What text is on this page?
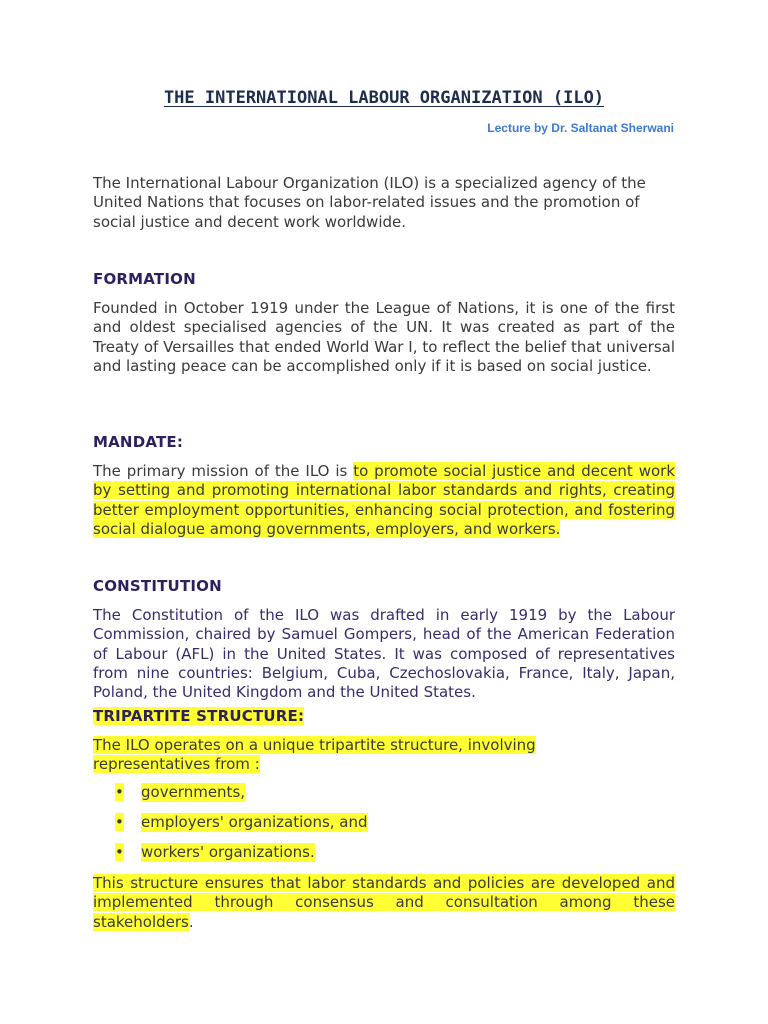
THE INTERNATIONAL LABOUR ORGANIZATION (ILO)

Lecture by Dr. Saltanat Sherwani

The International Labour Organization (ILO) is a specialized agency of the United Nations that focuses on labor-related issues and the promotion of social justice and decent work worldwide.

FORMATION

Founded in October 1919 under the League of Nations, it is one of the first and oldest specialised agencies of the UN. It was created as part of the Treaty of Versailles that ended World War I, to reflect the belief that universal and lasting peace can be accomplished only if it is based on social justice.

MANDATE:

The primary mission of the ILO is to promote social justice and decent work by setting and promoting international labor standards and rights, creating better employment opportunities, enhancing social protection, and fostering social dialogue among governments, employers, and workers.

CONSTITUTION

The Constitution of the ILO was drafted in early 1919 by the Labour Commission, chaired by Samuel Gompers, head of the American Federation of Labour (AFL) in the United States. It was composed of representatives from nine countries: Belgium, Cuba, Czechoslovakia, France, Italy, Japan, Poland, the United Kingdom and the United States.

TRIPARTITE STRUCTURE:

The ILO operates on a unique tripartite structure, involving representatives from :

•	governments,
•	employers' organizations, and
•	workers' organizations.

This structure ensures that labor standards and policies are developed and implemented through consensus and consultation among these stakeholders.
